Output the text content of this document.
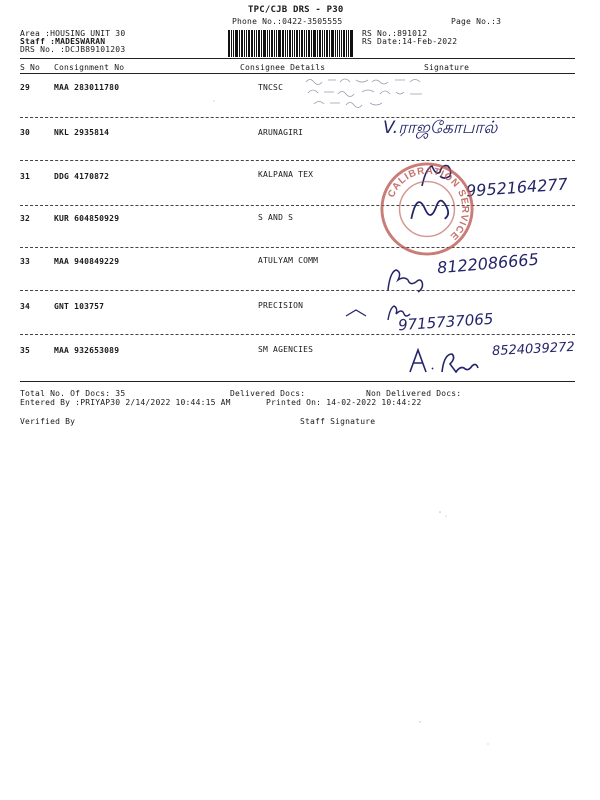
TPC/CJB DRS - P30
Phone No.:0422-3505555	Page No.:3
Area :HOUSING UNIT 30
Staff :MADESWARAN
DRS No. :DCJB89101203
RS No.:891012
RS Date:14-Feb-2022
S No Consignment No	Consignee Details	Signature
29	MAA 283011780	TNCSC
30	NKL 2935814	ARUNAGIRI
31	DDG 4170872	KALPANA TEX
32	KUR 604850929	S AND S
33	MAA 940849229	ATULYAM COMM
34	GNT 103757	PRECISION
35	MAA 932653089	SM AGENCIES
Total No. Of Docs: 35	Delivered Docs:	Non Delivered Docs:
Entered By :PRIYAP30 2/14/2022 10:44:15 AM	Printed On: 14-02-2022 10:44:22
Verified By	Staff Signature
V.ராஜகோபால்
9952164277
CALIBRATION SERVICE
8122086665
9715737065
8524039272
